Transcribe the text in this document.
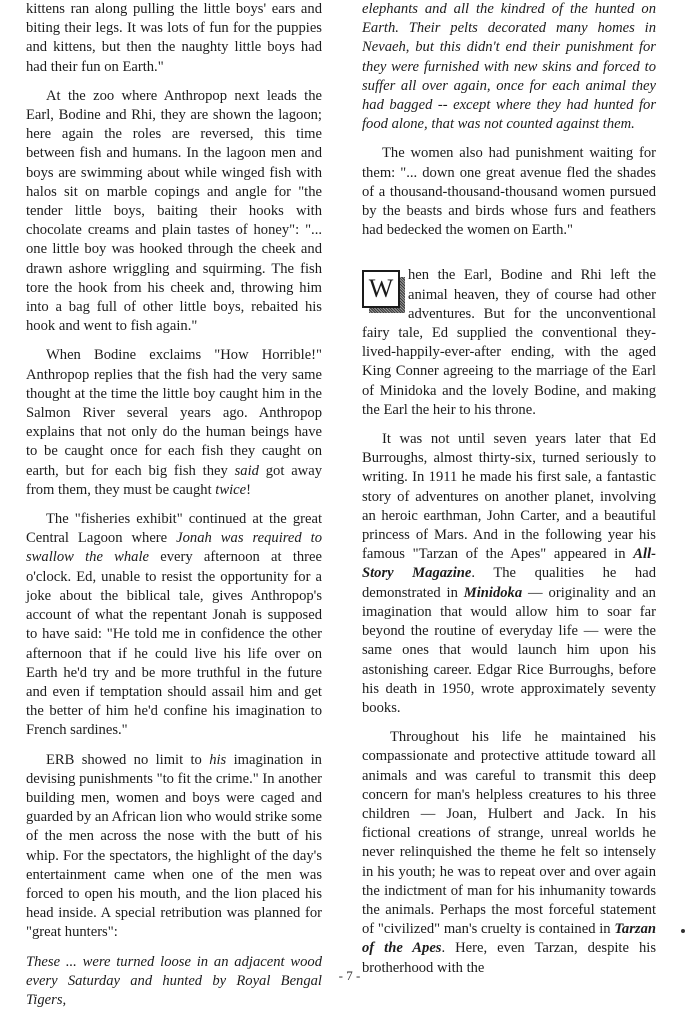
kittens ran along pulling the little boys' ears and biting their legs. It was lots of fun for the puppies and kittens, but then the naughty little boys had had their fun on Earth."

At the zoo where Anthropop next leads the Earl, Bodine and Rhi, they are shown the lagoon; here again the roles are reversed, this time between fish and humans. In the lagoon men and boys are swimming about while winged fish with halos sit on marble copings and angle for "the tender little boys, baiting their hooks with chocolate creams and plain tastes of honey": "... one little boy was hooked through the cheek and drawn ashore wriggling and squirming. The fish tore the hook from his cheek and, throwing him into a bag full of other little boys, rebaited his hook and went to fish again."

When Bodine exclaims "How Horrible!" Anthropop replies that the fish had the very same thought at the time the little boy caught him in the Salmon River several years ago. Anthropop explains that not only do the human beings have to be caught once for each fish they caught on earth, but for each big fish they said got away from them, they must be caught twice!

The "fisheries exhibit" continued at the great Central Lagoon where Jonah was required to swallow the whale every afternoon at three o'clock. Ed, unable to resist the opportunity for a joke about the biblical tale, gives Anthropop's account of what the repentant Jonah is supposed to have said: "He told me in confidence the other afternoon that if he could live his life over on Earth he'd try and be more truthful in the future and even if temptation should assail him and get the better of him he'd confine his imagination to French sardines."

ERB showed no limit to his imagination in devising punishments "to fit the crime." In another building men, women and boys were caged and guarded by an African lion who would strike some of the men across the nose with the butt of his whip. For the spectators, the highlight of the day's entertainment came when one of the men was forced to open his mouth, and the lion placed his head inside. A special retribution was planned for "great hunters":

These ... were turned loose in an adjacent wood every Saturday and hunted by Royal Bengal Tigers,

elephants and all the kindred of the hunted on Earth. Their pelts decorated many homes in Nevaeh, but this didn't end their punishment for they were furnished with new skins and forced to suffer all over again, once for each animal they had bagged -- except where they had hunted for food alone, that was not counted against them.

The women also had punishment waiting for them: "... down one great avenue fled the shades of a thousand-thousand-thousand women pursued by the beasts and birds whose furs and feathers had bedecked the women on Earth."

W	hen the Earl, Bodine and Rhi left the animal heaven, they of course had other adventures. But for the unconventional fairy tale, Ed supplied the conventional they-lived-happily-ever-after ending, with the aged King Conner agreeing to the marriage of the Earl of Minidoka and the lovely Bodine, and making the Earl the heir to his throne.

It was not until seven years later that Ed Burroughs, almost thirty-six, turned seriously to writing. In 1911 he made his first sale, a fantastic story of adventures on another planet, involving an heroic earthman, John Carter, and a beautiful princess of Mars. And in the following year his famous "Tarzan of the Apes" appeared in All-Story Magazine. The qualities he had demonstrated in Minidoka — originality and an imagination that would allow him to soar far beyond the routine of everyday life — were the same ones that would launch him upon his astonishing career. Edgar Rice Burroughs, before his death in 1950, wrote approximately seventy books.

Throughout his life he maintained his compassionate and protective attitude toward all animals and was careful to transmit this deep concern for man's helpless creatures to his three children — Joan, Hulbert and Jack. In his fictional creations of strange, unreal worlds he never relinquished the theme he felt so intensely in his youth; he was to repeat over and over again the indictment of man for his inhumanity towards the animals. Perhaps the most forceful statement of "civilized" man's cruelty is contained in Tarzan of the Apes. Here, even Tarzan, despite his brotherhood with the

- 7 -
